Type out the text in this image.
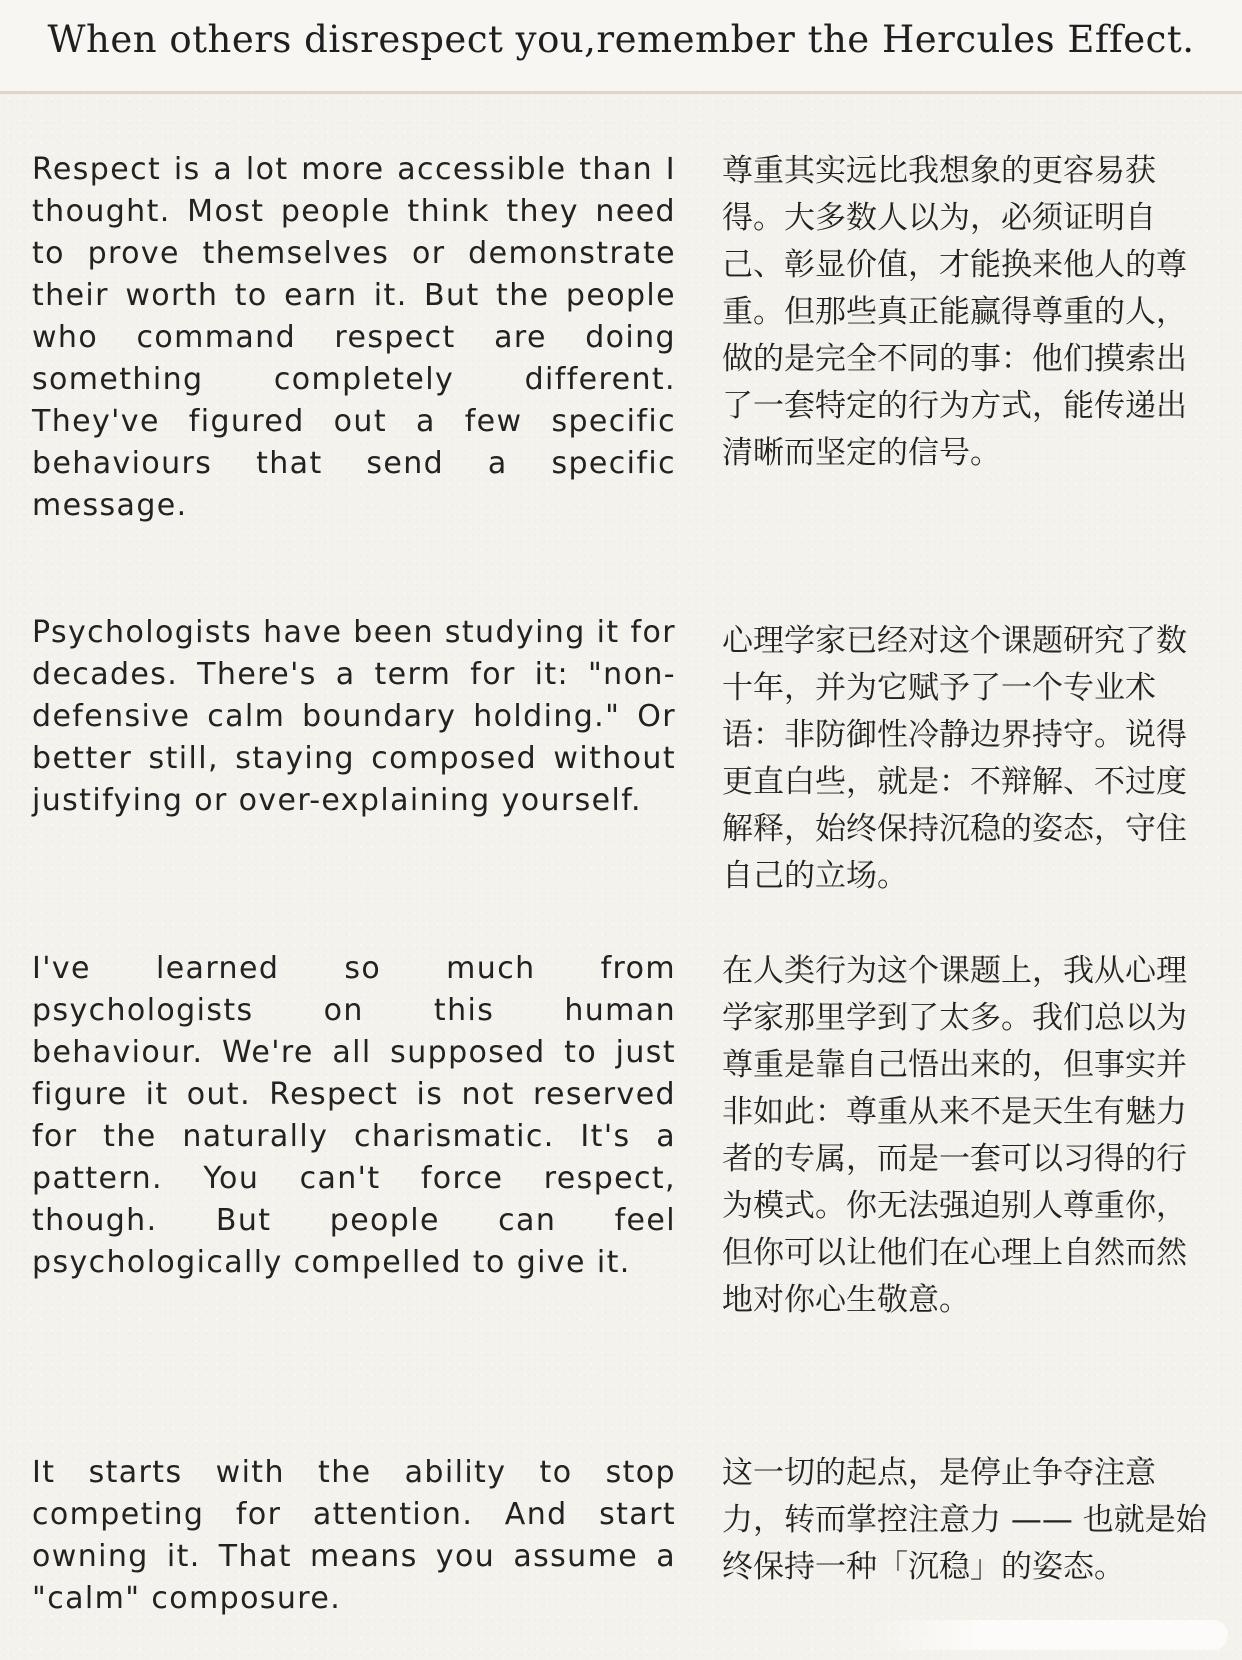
When others disrespect you,remember the Hercules Effect.

Respect is a lot more accessible than I thought. Most people think they need to prove themselves or demonstrate their worth to earn it. But the people who command respect are doing something completely different. They've figured out a few specific behaviours that send a specific message.

尊重其实远比我想象的更容易获得。大多数人以为，必须证明自己、彰显价值，才能换来他人的尊重。但那些真正能赢得尊重的人，做的是完全不同的事：他们摸索出了一套特定的行为方式，能传递出清晰而坚定的信号。

Psychologists have been studying it for decades. There's a term for it: "non-defensive calm boundary holding." Or better still, staying composed without justifying or over-explaining yourself.

心理学家已经对这个课题研究了数十年，并为它赋予了一个专业术语：非防御性冷静边界持守。说得更直白些，就是：不辩解、不过度解释，始终保持沉稳的姿态，守住自己的立场。

I've learned so much from psychologists on this human behaviour. We're all supposed to just figure it out. Respect is not reserved for the naturally charismatic. It's a pattern. You can't force respect, though. But people can feel psychologically compelled to give it.

在人类行为这个课题上，我从心理学家那里学到了太多。我们总以为尊重是靠自己悟出来的，但事实并非如此：尊重从来不是天生有魅力者的专属，而是一套可以习得的行为模式。你无法强迫别人尊重你，但你可以让他们在心理上自然而然地对你心生敬意。

It starts with the ability to stop competing for attention. And start owning it. That means you assume a "calm" composure.

这一切的起点，是停止争夺注意力，转而掌控注意力 —— 也就是始终保持一种「沉稳」的姿态。
